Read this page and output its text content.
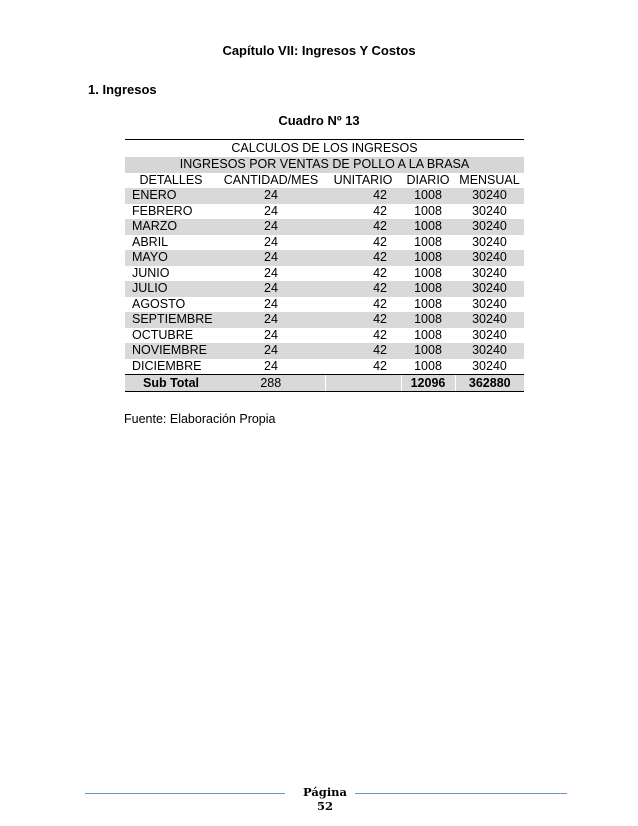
Capítulo VII: Ingresos Y Costos
1. Ingresos
Cuadro Nº 13
CALCULOS DE LOS INGRESOS				
INGRESOS POR VENTAS DE POLLO A LA BRASA				
DETALLES	CANTIDAD/MES	UNITARIO	DIARIO	MENSUAL
ENERO	24	42	1008	30240
FEBRERO	24	42	1008	30240
MARZO	24	42	1008	30240
ABRIL	24	42	1008	30240
MAYO	24	42	1008	30240
JUNIO	24	42	1008	30240
JULIO	24	42	1008	30240
AGOSTO	24	42	1008	30240
SEPTIEMBRE	24	42	1008	30240
OCTUBRE	24	42	1008	30240
NOVIEMBRE	24	42	1008	30240
DICIEMBRE	24	42	1008	30240
Sub Total	288		12096	362880
Fuente: Elaboración Propia
Página 52
